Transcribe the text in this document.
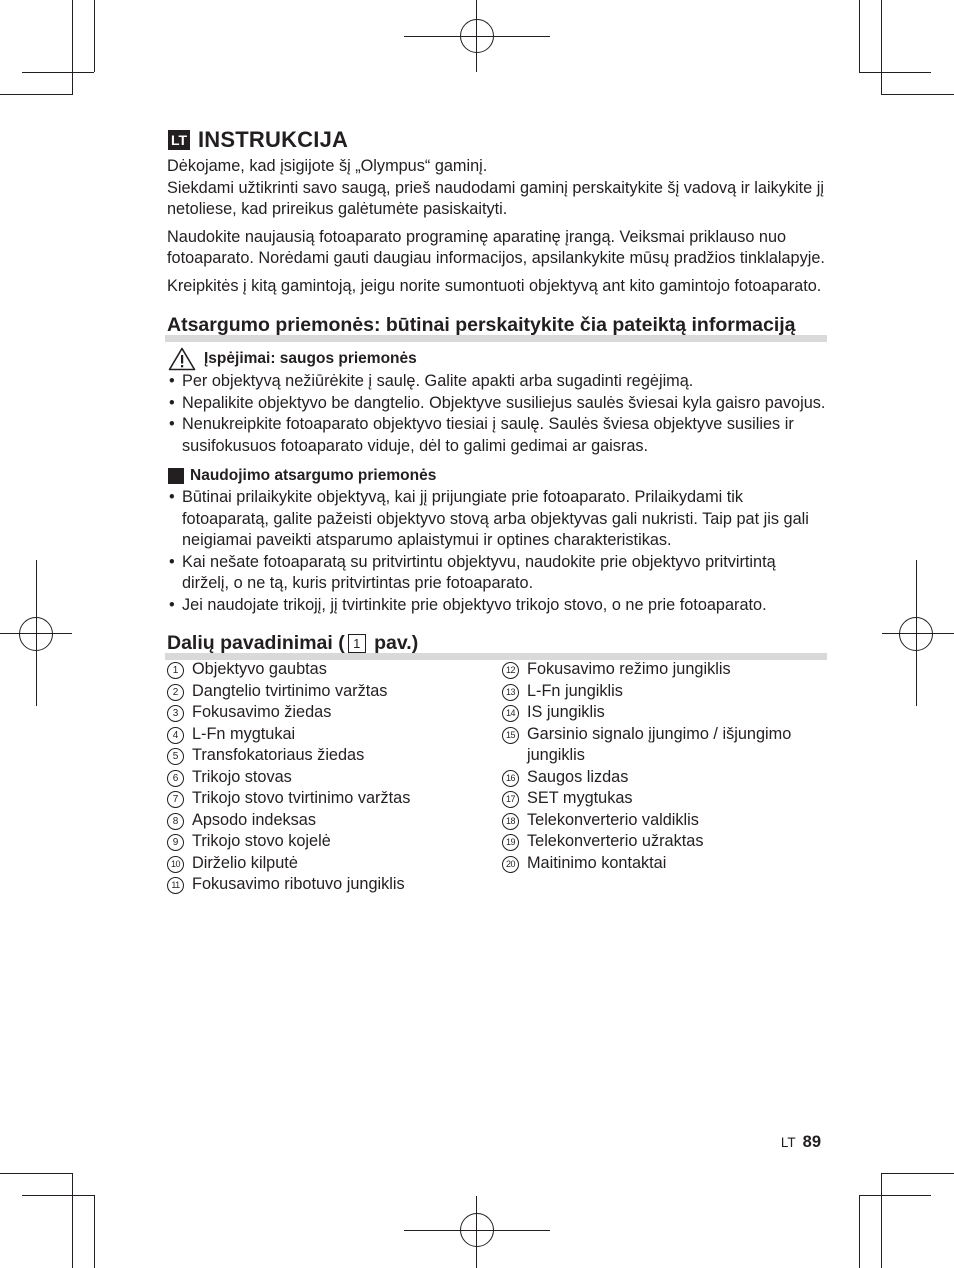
LT INSTRUKCIJA

Dėkojame, kad įsigijote šį „Olympus“ gaminį.

Siekdami užtikrinti savo saugą, prieš naudodami gaminį perskaitykite šį vadovą ir laikykite jį netoliese, kad prireikus galėtumėte pasiskaityti.

Naudokite naujausią fotoaparato programinę aparatinę įrangą. Veiksmai priklauso nuo fotoaparato. Norėdami gauti daugiau informacijos, apsilankykite mūsų pradžios tinklalapyje.

Kreipkitės į kitą gamintoją, jeigu norite sumontuoti objektyvą ant kito gamintojo fotoaparato.

Atsargumo priemonės: būtinai perskaitykite čia pateiktą informaciją
Įspėjimai: saugos priemonės
• Per objektyvą nežiūrėkite į saulę. Galite apakti arba sugadinti regėjimą.
• Nepalikite objektyvo be dangtelio. Objektyve susiliejus saulės šviesai kyla gaisro pavojus.
• Nenukreipkite fotoaparato objektyvo tiesiai į saulę. Saulės šviesa objektyve susilies ir susifokusuos fotoaparato viduje, dėl to galimi gedimai ar gaisras.
Naudojimo atsargumo priemonės
• Būtinai prilaikykite objektyvą, kai jį prijungiate prie fotoaparato. Prilaikydami tik fotoaparatą, galite pažeisti objektyvo stovą arba objektyvas gali nukristi. Taip pat jis gali neigiamai paveikti atsparumo aplaistymui ir optines charakteristikas.
• Kai nešate fotoaparatą su pritvirtintu objektyvu, naudokite prie objektyvo pritvirtintą dirželį, o ne tą, kuris pritvirtintas prie fotoaparato.
• Jei naudojate trikojį, jį tvirtinkite prie objektyvo trikojo stovo, o ne prie fotoaparato.
Dalių pavadinimai ( 1 pav.)
1 Objektyvo gaubtas
2 Dangtelio tvirtinimo varžtas
3 Fokusavimo žiedas
4 L-Fn mygtukai
5 Transfokatoriaus žiedas
6 Trikojo stovas
7 Trikojo stovo tvirtinimo varžtas
8 Apsodo indeksas
9 Trikojo stovo kojelė
10 Dirželio kilputė
11 Fokusavimo ribotuvo jungiklis
12 Fokusavimo režimo jungiklis
13 L-Fn jungiklis
14 IS jungiklis
15 Garsinio signalo įjungimo / išjungimo jungiklis
16 Saugos lizdas
17 SET mygtukas
18 Telekonverterio valdiklis
19 Telekonverterio užraktas
20 Maitinimo kontaktai
LT 89
